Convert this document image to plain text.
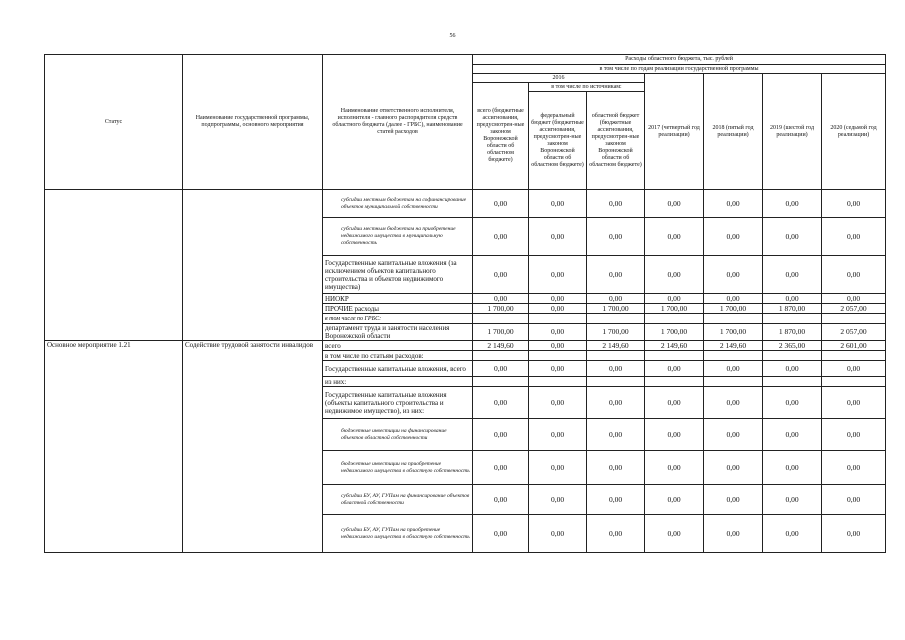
56
Статус	Наименование государственной программы, подпрограммы, основного мероприятия	Наименование ответственного исполнителя, исполнителя - главного распорядителя средств областного бюджета (далее - ГРБС), наименование статей расходов	Расходы областного бюджета, тыс. рублей						
			в том числе по годам реализации государственной программы						
			2016			2017 (четвертый год реализации)	2018 (пятый год реализации)	2019 (шестой год реализации)	2020 (седьмой год реализации)
			всего (бюджетные ассигнования, предусмотрен-ные законом Воронежской области об областном бюджете)	в том числе по источникам:					
				федеральный бюджет (бюджетные ассигнования, предусмотрен-ные законом Воронежской области об областном бюджете)	областной бюджет (бюджетные ассигнования, предусмотрен-ные законом Воронежской области об областном бюджете)				
		субсидии местным бюджетам на софинансирование объектов муниципальной собственности	0,00	0,00	0,00	0,00	0,00	0,00	0,00
		субсидии местным бюджетам на приобретение недвижимого имущества в муниципальную собственность	0,00	0,00	0,00	0,00	0,00	0,00	0,00
		Государственные капитальные вложения (за исключением объектов капитального строительства и объектов недвижимого имущества)	0,00	0,00	0,00	0,00	0,00	0,00	0,00
		НИОКР	0,00	0,00	0,00	0,00	0,00	0,00	0,00
		ПРОЧИЕ расходы	1 700,00	0,00	1 700,00	1 700,00	1 700,00	1 870,00	2 057,00
		в том числе по ГРБС:							
		департамент труда и занятости населения Воронежской области	1 700,00	0,00	1 700,00	1 700,00	1 700,00	1 870,00	2 057,00
Основное мероприятие 1.21	Содействие трудовой занятости инвалидов	всего	2 149,60	0,00	2 149,60	2 149,60	2 149,60	2 365,00	2 601,00
		в том числе по статьям расходов:							
		Государственные капитальные вложения, всего	0,00	0,00	0,00	0,00	0,00	0,00	0,00
		из них:							
		Государственные капитальные вложения (объекты капитального строительства и недвижимое имущество), из них:	0,00	0,00	0,00	0,00	0,00	0,00	0,00
		бюджетные инвестиции на финансирование объектов областной собственности	0,00	0,00	0,00	0,00	0,00	0,00	0,00
		бюджетные инвестиции на приобретение недвижимого имущества в областную собственность	0,00	0,00	0,00	0,00	0,00	0,00	0,00
		субсидии БУ, АУ, ГУПам на финансирование объектов областной собственности	0,00	0,00	0,00	0,00	0,00	0,00	0,00
		субсидии БУ, АУ, ГУПам на приобретение недвижимого имущества в областную собственность	0,00	0,00	0,00	0,00	0,00	0,00	0,00
